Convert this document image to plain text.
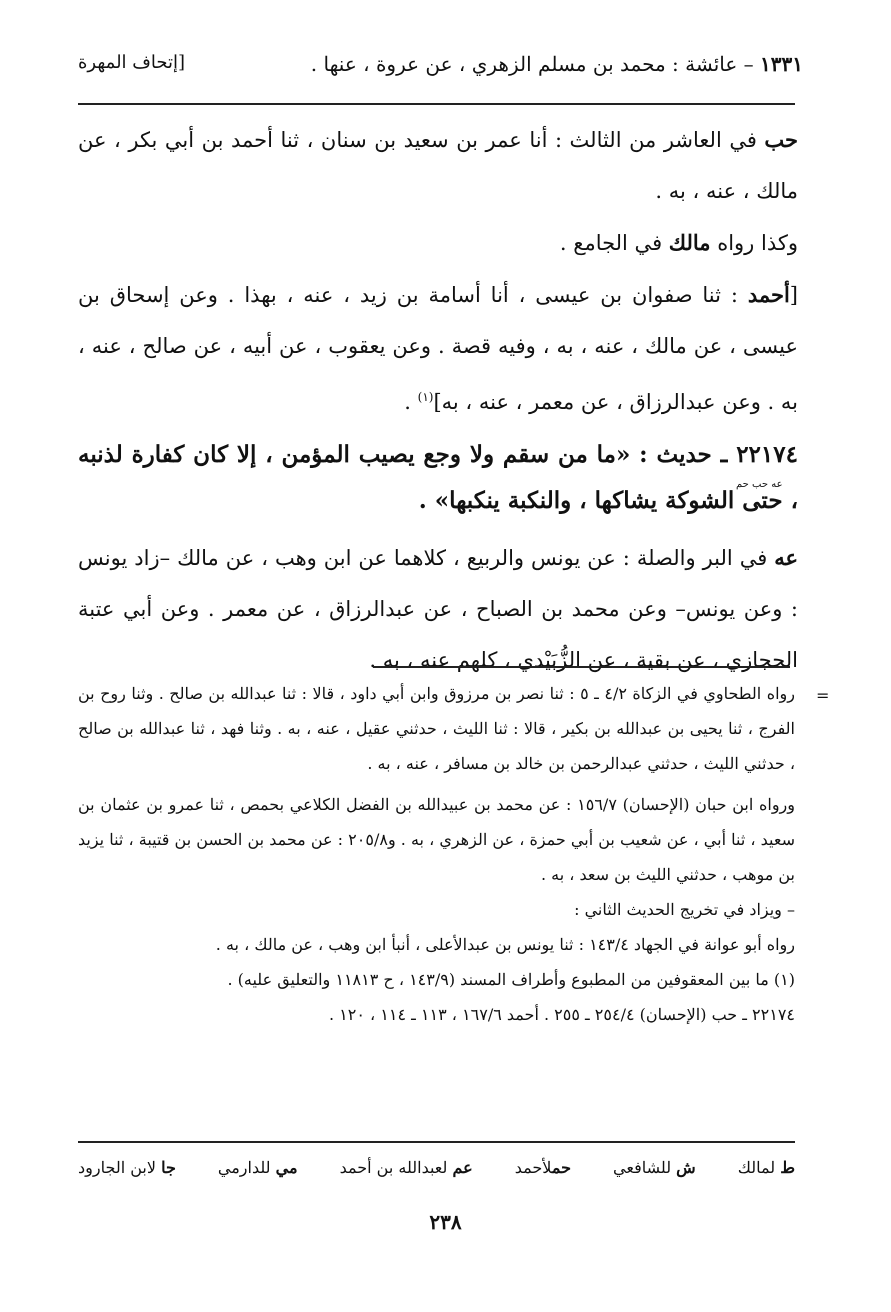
١٣٣١ – عائشة : محمد بن مسلم الزهري ، عن عروة ، عنها .
[إتحاف المهرة

حب في العاشر من الثالث : أنا عمر بن سعيد بن سنان ، ثنا أحمد بن أبي بكر ، عن مالك ، عنه ، به .

وكذا رواه مالك في الجامع .

[أحمد : ثنا صفوان بن عيسى ، أنا أسامة بن زيد ، عنه ، بهذا . وعن إسحاق بن عيسى ، عن مالك ، عنه ، به ، وفيه قصة . وعن يعقوب ، عن أبيه ، عن صالح ، عنه ، به . وعن عبدالرزاق ، عن معمر ، عنه ، به]$^{(١)}$ .

٢٢١٧٤ ـ حديث : «ما من سقم ولا وجع يصيب المؤمن ، إلا كان كفارة لذنبه ،
عه حب حم
حتى الشوكة يشاكها ، والنكبة ينكبها» .

عه في البر والصلة : عن يونس والربيع ، كلاهما عن ابن وهب ، عن مالك –زاد يونس : وعن يونس– وعن محمد بن الصباح ، عن عبدالرزاق ، عن معمر . وعن أبي عتبة الحجازي ، عن بقية ، عن الزُّبَيْدي ، كلهم عنه ، به .

=

رواه الطحاوي في الزكاة ٤/٢ ـ ٥ : ثنا نصر بن مرزوق وابن أبي داود ، قالا : ثنا عبدالله بن صالح . وثنا روح بن الفرج ، ثنا يحيى بن عبدالله بن بكير ، قالا : ثنا الليث ، حدثني عقيل ، عنه ، به . وثنا فهد ، ثنا عبدالله بن صالح ، حدثني الليث ، حدثني عبدالرحمن بن خالد بن مسافر ، عنه ، به .

ورواه ابن حبان (الإحسان) ١٥٦/٧ : عن محمد بن عبيدالله بن الفضل الكلاعي بحمص ، ثنا عمرو بن عثمان بن سعيد ، ثنا أبي ، عن شعيب بن أبي حمزة ، عن الزهري ، به . و٢٠٥/٨ : عن محمد بن الحسن بن قتيبة ، ثنا يزيد بن موهب ، حدثني الليث بن سعد ، به .

– ويزاد في تخريج الحديث الثاني :

رواه أبو عوانة في الجهاد ١٤٣/٤ : ثنا يونس بن عبدالأعلى ، أنبأ ابن وهب ، عن مالك ، به .

(١) ما بين المعقوفين من المطبوع وأطراف المسند (١٤٣/٩ ، ح ١١٨١٣ والتعليق عليه) .

٢٢١٧٤ ـ حب (الإحسان) ٢٥٤/٤ ـ ٢٥٥ . أحمد ١٦٧/٦ ، ١١٣ ـ ١١٤ ، ١٢٠ .

ط لمالك
ش للشافعي
حملأحمد
عم لعبدالله بن أحمد
مي للدارمي
جا لابن الجارود
٢٣٨
